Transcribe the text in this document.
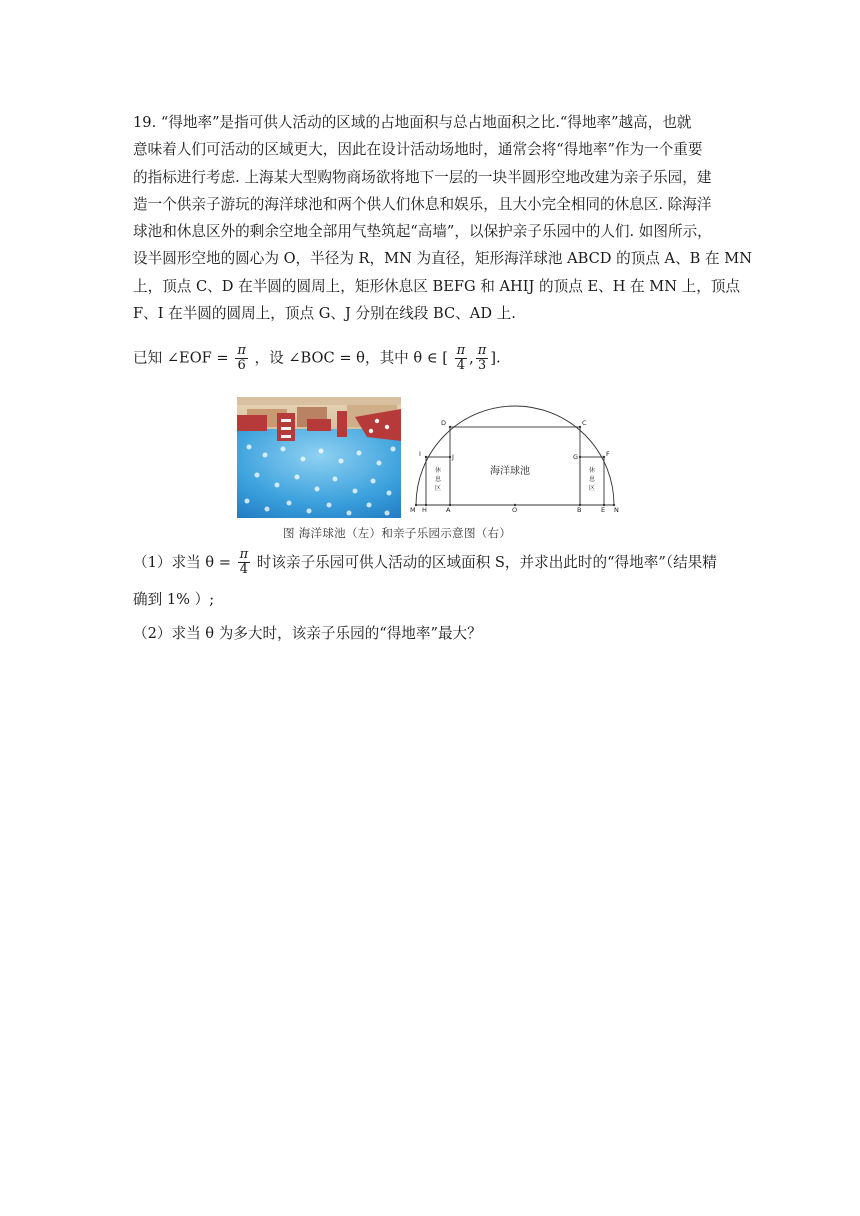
19. “得地率”是指可供人活动的区域的占地面积与总占地面积之比.“得地率”越高，也就
意味着人们可活动的区域更大，因此在设计活动场地时，通常会将“得地率”作为一个重要
的指标进行考虑. 上海某大型购物商场欲将地下一层的一块半圆形空地改建为亲子乐园，建
造一个供亲子游玩的海洋球池和两个供人们休息和娱乐，且大小完全相同的休息区. 除海洋
球池和休息区外的剩余空地全部用气垫筑起“高墙”，以保护亲子乐园中的人们. 如图所示，
设半圆形空地的圆心为 O，半径为 R，MN 为直径，矩形海洋球池 ABCD 的顶点 A、B 在 MN
上，顶点 C、D 在半圆的圆周上，矩形休息区 BEFG 和 AHIJ 的顶点 E、H 在 MN 上，顶点
F、I 在半圆的圆周上，顶点 G、J 分别在线段 BC、AD 上.
已知 ∠EOF = $\frac{\pi}{6}$ ，设 ∠BOC = θ，其中 θ ∈ [ $\frac{\pi}{4}$ , $\frac{\pi}{3}$ ].
D	C
I	J	G	F
M H	A	O	B	E N
海洋球池
休
息
区
休
息
区
图 海洋球池（左）和亲子乐园示意图（右）
（1）求当 $\theta = \frac{\pi}{4}$ 时该亲子乐园可供人活动的区域面积 S，并求出此时的“得地率”（结果精
确到 1% ）;
（2）求当 θ 为多大时，该亲子乐园的“得地率”最大？
